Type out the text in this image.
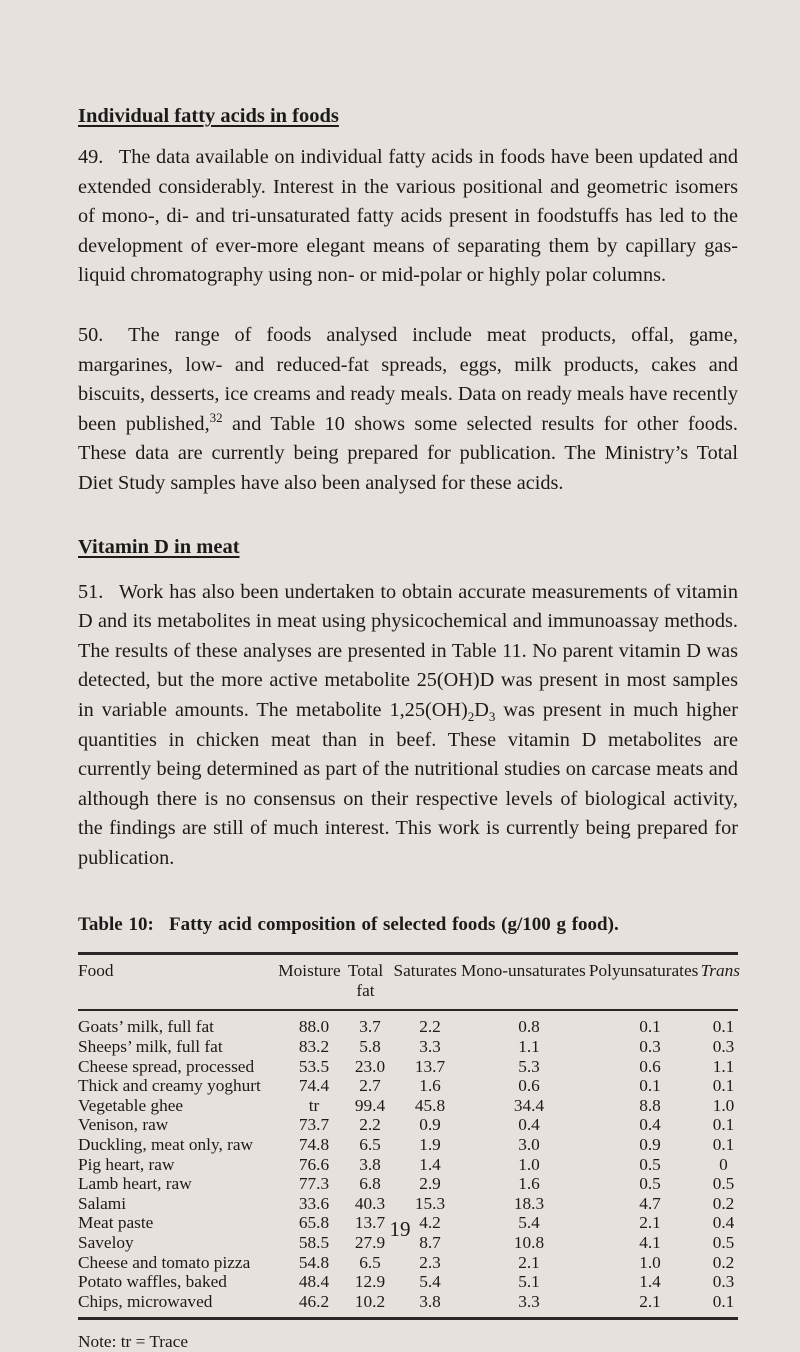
Individual fatty acids in foods

49.  The data available on individual fatty acids in foods have been updated and extended considerably. Interest in the various positional and geometric isomers of mono-, di- and tri-unsaturated fatty acids present in foodstuffs has led to the development of ever-more elegant means of separating them by capillary gas-liquid chromatography using non- or mid-polar or highly polar columns.

50.  The range of foods analysed include meat products, offal, game, margarines, low- and reduced-fat spreads, eggs, milk products, cakes and biscuits, desserts, ice creams and ready meals. Data on ready meals have recently been published,$^{32}$ and Table 10 shows some selected results for other foods. These data are currently being prepared for publication. The Ministry’s Total Diet Study samples have also been analysed for these acids.

Vitamin D in meat

51.  Work has also been undertaken to obtain accurate measurements of vitamin D and its metabolites in meat using physicochemical and immunoassay methods. The results of these analyses are presented in Table 11. No parent vitamin D was detected, but the more active metabolite 25(OH)D was present in most samples in variable amounts. The metabolite $1,25(OH)_2D_3$ was present in much higher quantities in chicken meat than in beef. These vitamin D metabolites are currently being determined as part of the nutritional studies on carcase meats and although there is no consensus on their respective levels of biological activity, the findings are still of much interest. This work is currently being prepared for publication.

Table 10: Fatty acid composition of selected foods (g/100 g food).

Food	Moisture	Total fat	Saturates	Mono-unsaturates	Polyunsaturates	Trans
Goats’ milk, full fat	88.0	3.7	2.2	0.8	0.1	0.1
Sheeps’ milk, full fat	83.2	5.8	3.3	1.1	0.3	0.3
Cheese spread, processed	53.5	23.0	13.7	5.3	0.6	1.1
Thick and creamy yoghurt	74.4	2.7	1.6	0.6	0.1	0.1
Vegetable ghee	tr	99.4	45.8	34.4	8.8	1.0
Venison, raw	73.7	2.2	0.9	0.4	0.4	0.1
Duckling, meat only, raw	74.8	6.5	1.9	3.0	0.9	0.1
Pig heart, raw	76.6	3.8	1.4	1.0	0.5	0
Lamb heart, raw	77.3	6.8	2.9	1.6	0.5	0.5
Salami	33.6	40.3	15.3	18.3	4.7	0.2
Meat paste	65.8	13.7	4.2	5.4	2.1	0.4
Saveloy	58.5	27.9	8.7	10.8	4.1	0.5
Cheese and tomato pizza	54.8	6.5	2.3	2.1	1.0	0.2
Potato waffles, baked	48.4	12.9	5.4	5.1	1.4	0.3
Chips, microwaved	46.2	10.2	3.8	3.3	2.1	0.1

Note: tr = Trace

19
